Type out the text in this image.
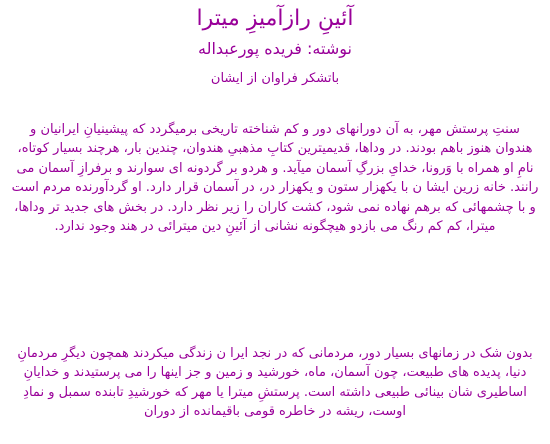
آئینِ رازآمیزِ میترا

نوشته: فریده پورعبداله

باتشکر فراوان از ایشان

سنتِ پرستش مهر، به آن دورانهای دور و کم شناخته تاریخی برمیگردد که پیشینیانِ ایرانیان و هندوان هنوز باهم بودند. در وداها، قدیمیترین کتابِ مذهبیِ هندوان، چندین بار، هرچند بسیار کوتاه، نامِ او همراه با وَرونا، خدایِ بزرگِ آسمان میآید. و هردو بر گردونه ای سوارند و برفرازِ آسمان می رانند. خانه زرین ایشا ن با یکهزار ستون و یکهزار در، در آسمان قرار دارد. او گردآورنده مردم است و با چشمهائی که برهم نهاده نمی شود، کشت کاران را زیر نظر دارد. در بخش های جدید تر وداها، میترا، کم کم رنگ می بازدو هیچگونه نشانی از آئینِ دین میترائی در هند وجود ندارد.

بدون شک در زمانهای بسیار دور، مردمانی که در نجد ایرا ن زندگی میکردند همچون دیگرِ مردمانِ دنیا، پدیده های طبیعت، چون آسمان، ماه، خورشید و زمین و جز اینها را می پرستیدند و خدایانِ اساطیری شان بینائی طبیعی داشته است. پرستشِ میترا یا مهر که خورشیدِ تابنده سمبل و نمادِ اوست، ریشه در خاطره قومی باقیمانده از دوران
